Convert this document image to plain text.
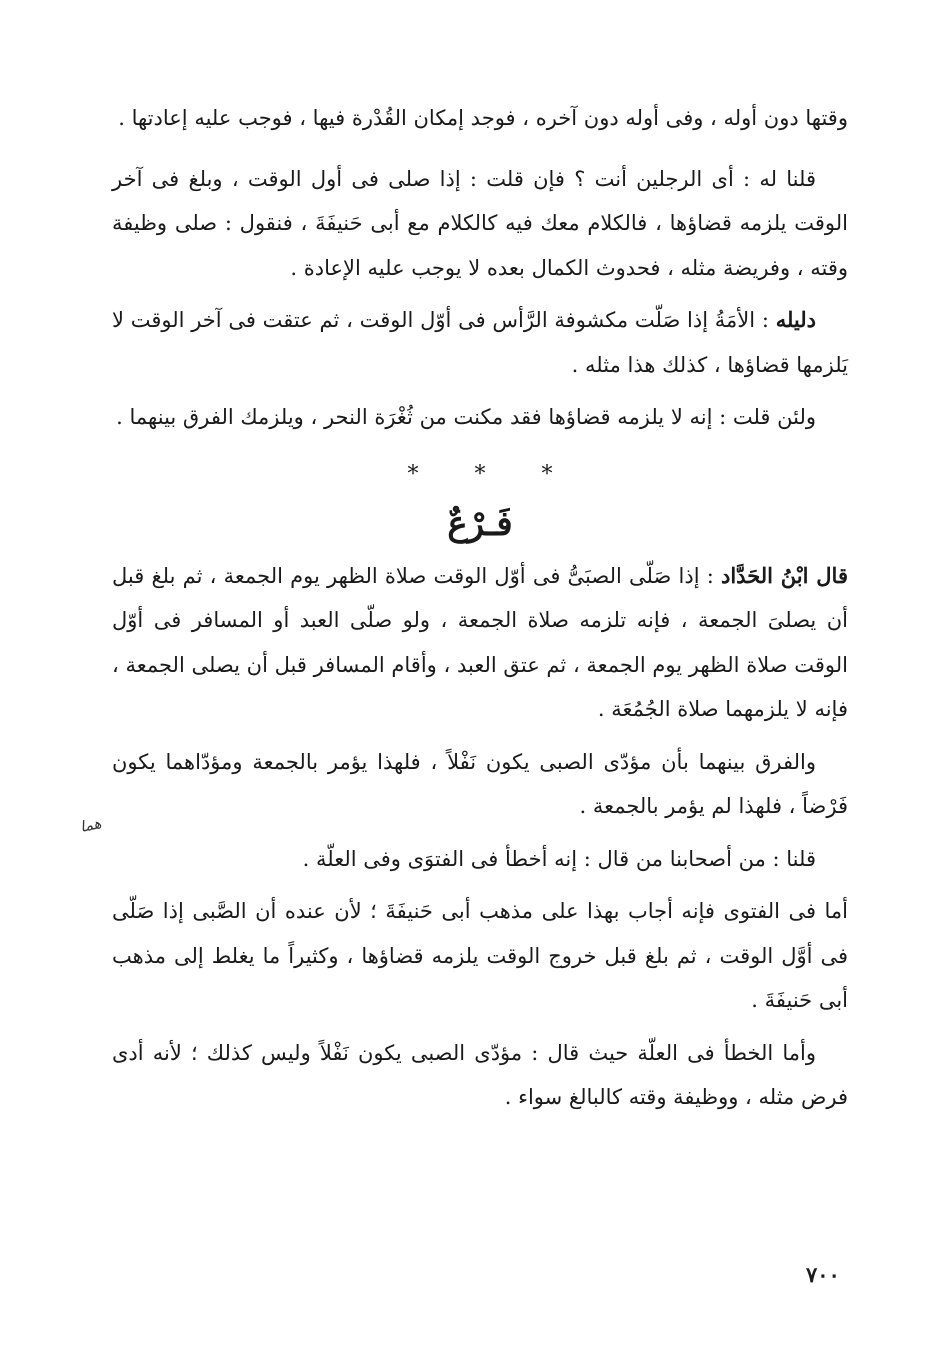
وقتها دون أوله ، وفى أوله دون آخره ، فوجد إمكان القُدْرة فيها ، فوجب عليه إعادتها .

قلنا له : أى الرجلين أنت ؟ فإن قلت : إذا صلى فى أول الوقت ، وبلغ فى آخر الوقت يلزمه قضاؤها ، فالكلام معك فيه كالكلام مع أبى حَنيفَةَ ، فنقول : صلى وظيفة وقته ، وفريضة مثله ، فحدوث الكمال بعده لا يوجب عليه الإعادة .

دليله : الأمَةُ إذا صَلّت مكشوفة الرَّأس فى أوّل الوقت ، ثم عتقت فى آخر الوقت لا يَلزمها قضاؤها ، كذلك هذا مثله .

ولئن قلت : إنه لا يلزمه قضاؤها فقد مكنت من ثُغْرَة النحر ، ويلزمك الفرق بينهما .

*
*
*
فَـرْعٌ

قال ابْنُ الحَدَّاد : إذا صَلّى الصبَىُّ فى أوّل الوقت صلاة الظهر يوم الجمعة ، ثم بلغ قبل أن يصلىَ الجمعة ، فإنه تلزمه صلاة الجمعة ، ولو صلّى العبد أو المسافر فى أوّل الوقت صلاة الظهر يوم الجمعة ، ثم عتق العبد ، وأقام المسافر قبل أن يصلى الجمعة ، فإنه لا يلزمهما صلاة الجُمُعَة .

والفرق بينهما بأن مؤدّى الصبى يكون نَفْلاً ، فلهذا يؤمر بالجمعة ومؤدّاهما يكون فَرْضاً ، فلهذا لم يؤمر بالجمعة .

قلنا : من أصحابنا من قال : إنه أخطأ فى الفتوَى وفى العلّة .

أما فى الفتوى فإنه أجاب بهذا على مذهب أبى حَنيفَةَ ؛ لأن عنده أن الصَّبى إذا صَلّى فى أوَّل الوقت ، ثم بلغ قبل خروج الوقت يلزمه قضاؤها ، وكثيراً ما يغلط إلى مذهب أبى حَنيفَةَ .

وأما الخطأ فى العلّة حيث قال : مؤدّى الصبى يكون نَفْلاً وليس كذلك ؛ لأنه أدى فرض مثله ، ووظيفة وقته كالبالغ سواء .

هما
٧٠٠
